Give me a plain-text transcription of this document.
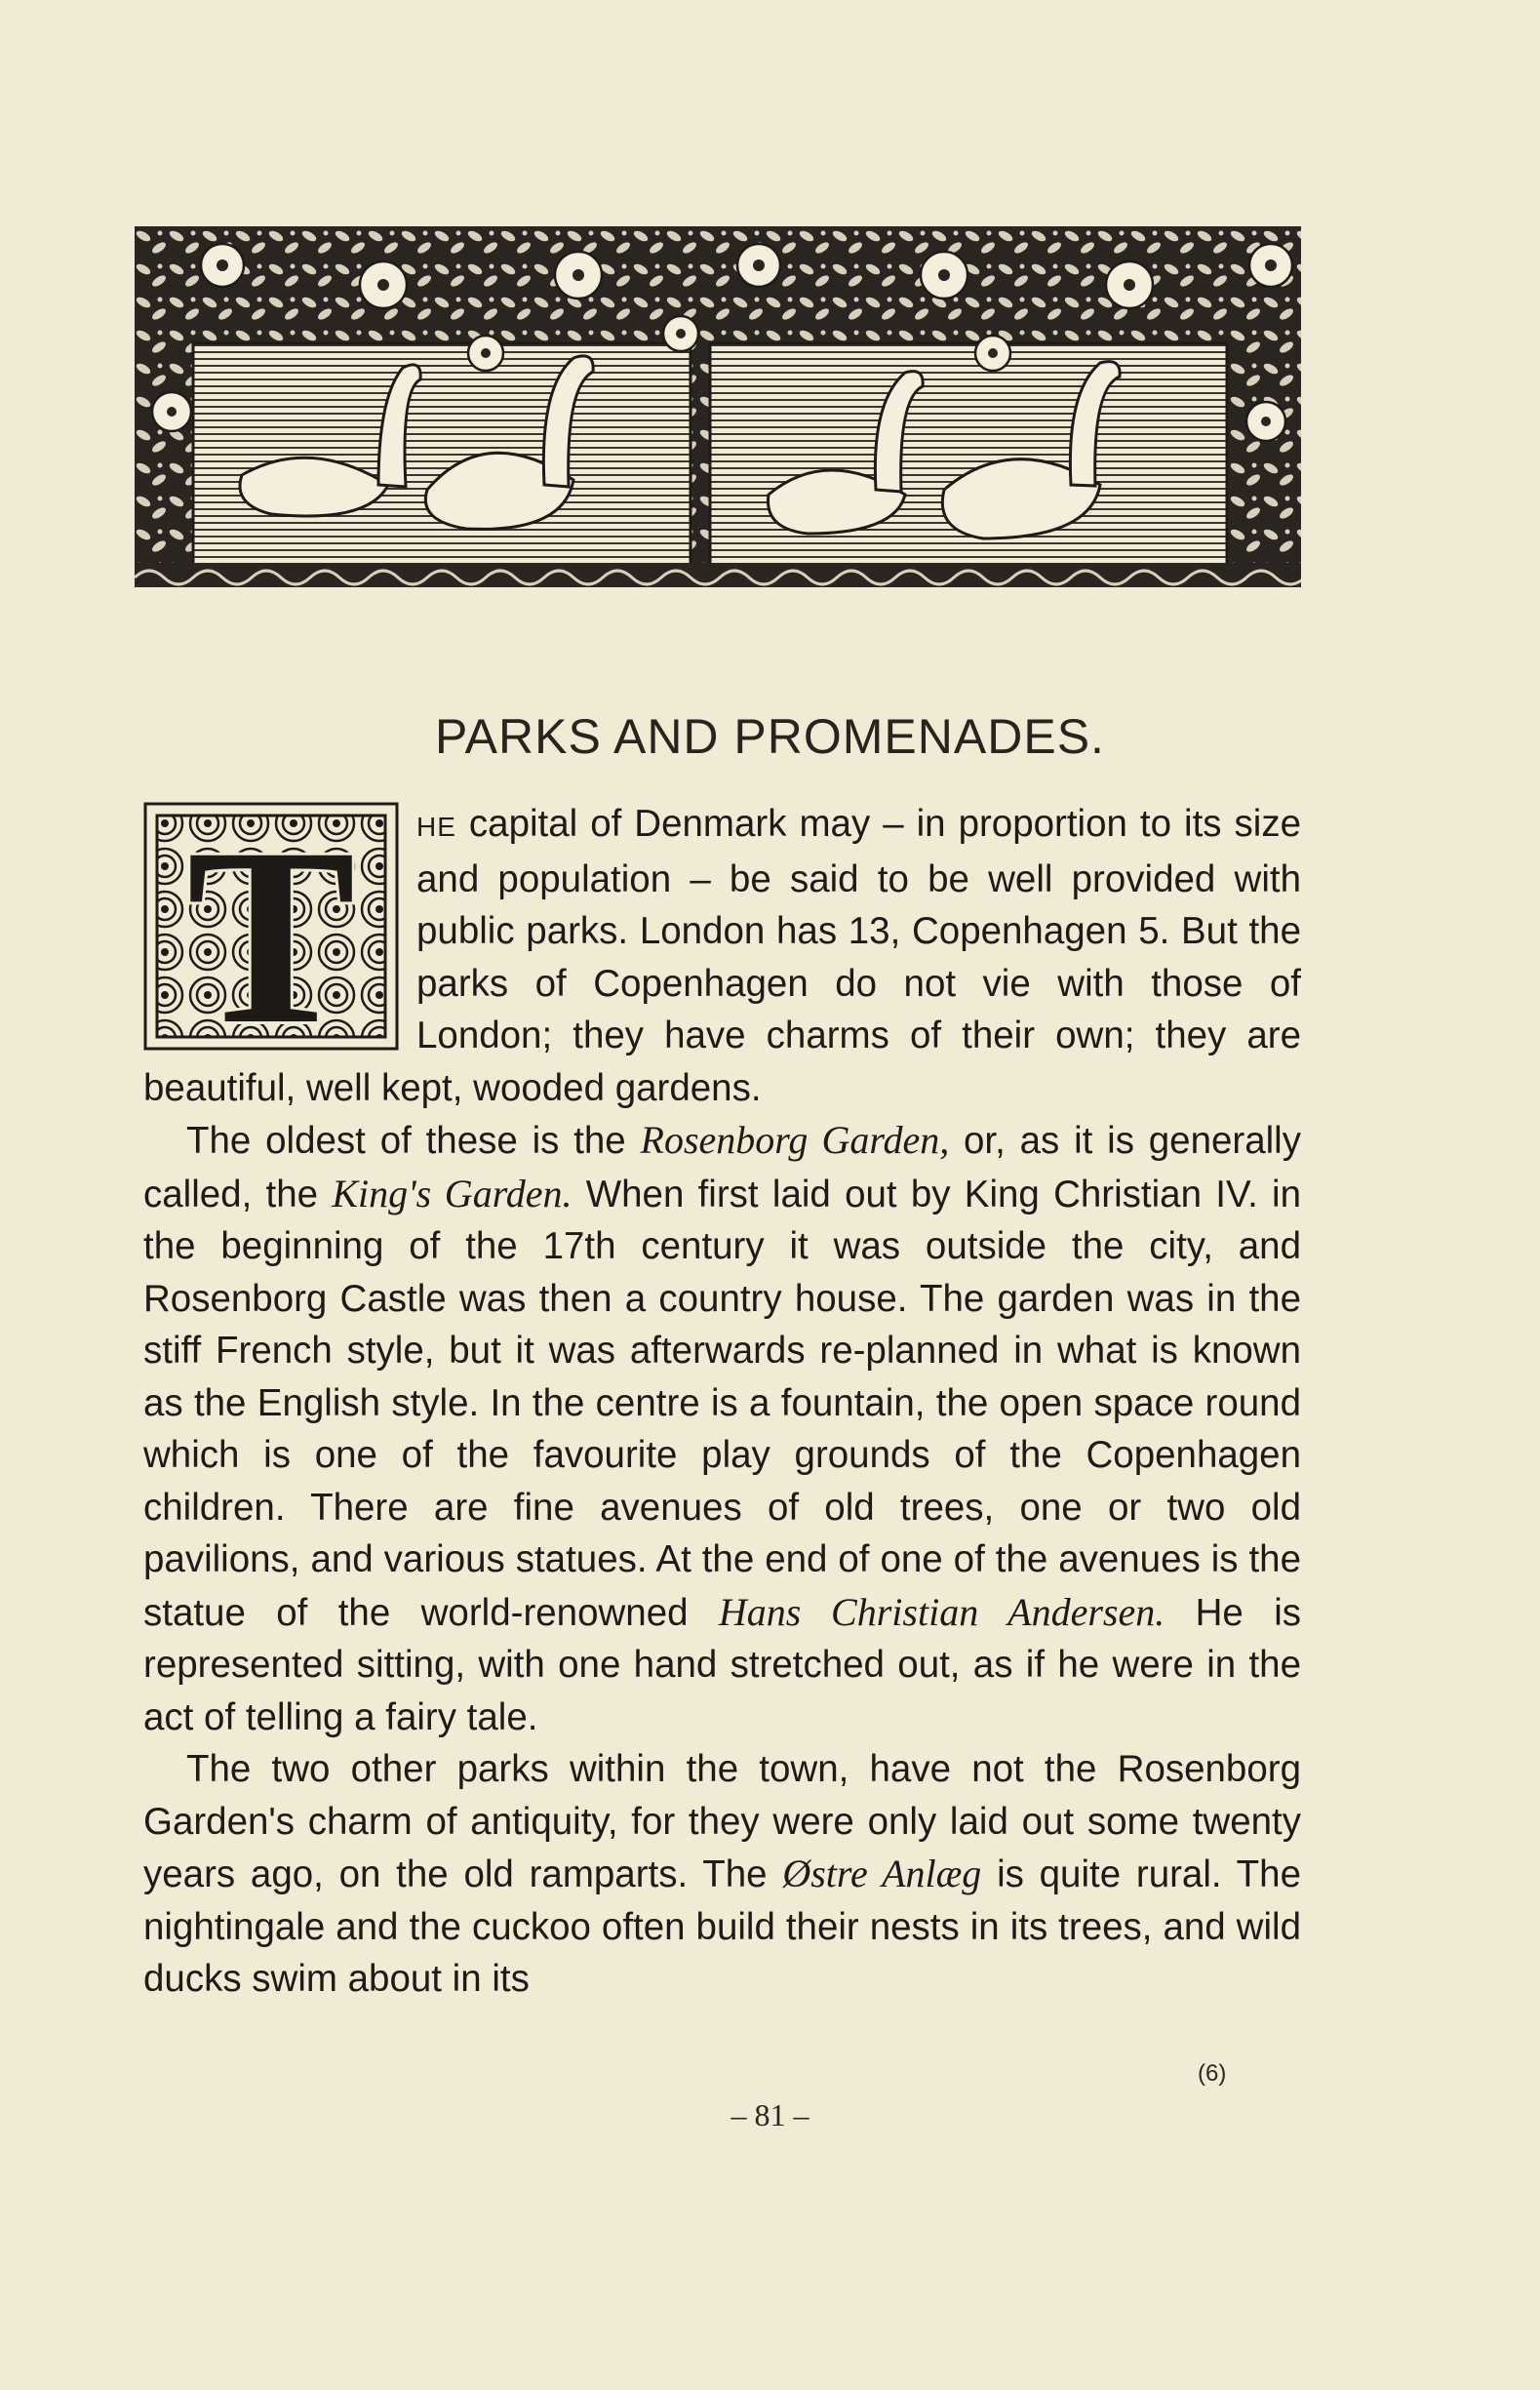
PARKS AND PROMENADES.
T	HE capital of Denmark may – in proportion to its size and population – be said to be well provided with public parks. London has 13, Copenhagen 5. But the parks of Copenhagen do not vie with those of London; they have charms of their own; they are beautiful, well kept, wooded gardens.

The oldest of these is the Rosenborg Garden, or, as it is generally called, the King's Garden. When first laid out by King Christian IV. in the beginning of the 17th century it was outside the city, and Rosenborg Castle was then a country house. The garden was in the stiff French style, but it was afterwards re-planned in what is known as the English style. In the centre is a fountain, the open space round which is one of the favourite play grounds of the Copenhagen children. There are fine avenues of old trees, one or two old pavilions, and various statues. At the end of one of the avenues is the statue of the world-renowned Hans Christian Andersen. He is represented sitting, with one hand stretched out, as if he were in the act of telling a fairy tale.

The two other parks within the town, have not the Rosenborg Garden's charm of antiquity, for they were only laid out some twenty years ago, on the old ramparts. The Østre Anlæg is quite rural. The nightingale and the cuckoo often build their nests in its trees, and wild ducks swim about in its

(6)
– 81 –
